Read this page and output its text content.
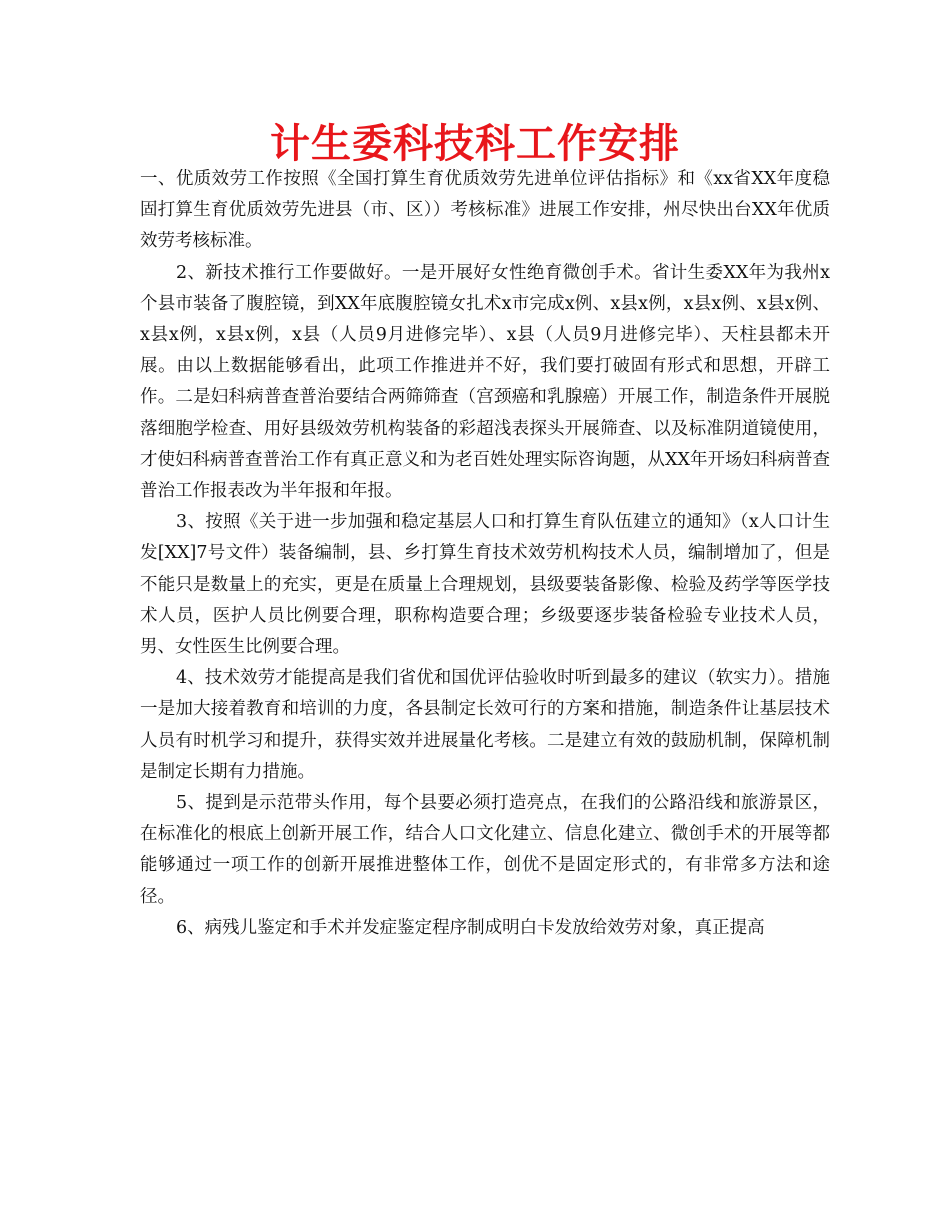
计生委科技科工作安排

一、优质效劳工作按照《全国打算生育优质效劳先进单位评估指标》和《xx省XX年度稳固打算生育优质效劳先进县（市、区））考核标准》进展工作安排，州尽快出台XX年优质效劳考核标准。

2、新技术推行工作要做好。一是开展好女性绝育微创手术。省计生委XX年为我州x个县市装备了腹腔镜，到XX年底腹腔镜女扎术x市完成x例、x县x例，x县x例、x县x例、x县x例，x县x例，x县（人员9月进修完毕）、x县（人员9月进修完毕）、天柱县都未开展。由以上数据能够看出，此项工作推进并不好，我们要打破固有形式和思想，开辟工作。二是妇科病普查普治要结合两筛筛查（宫颈癌和乳腺癌）开展工作，制造条件开展脱落细胞学检查、用好县级效劳机构装备的彩超浅表探头开展筛查、以及标准阴道镜使用，才使妇科病普查普治工作有真正意义和为老百姓处理实际咨询题，从XX年开场妇科病普查普治工作报表改为半年报和年报。

3、按照《关于进一步加强和稳定基层人口和打算生育队伍建立的通知》（x人口计生发[XX]7号文件）装备编制，县、乡打算生育技术效劳机构技术人员，编制增加了，但是不能只是数量上的充实，更是在质量上合理规划，县级要装备影像、检验及药学等医学技术人员，医护人员比例要合理，职称构造要合理；乡级要逐步装备检验专业技术人员，男、女性医生比例要合理。

4、技术效劳才能提高是我们省优和国优评估验收时听到最多的建议（软实力）。措施一是加大接着教育和培训的力度，各县制定长效可行的方案和措施，制造条件让基层技术人员有时机学习和提升，获得实效并进展量化考核。二是建立有效的鼓励机制，保障机制是制定长期有力措施。

5、提到是示范带头作用，每个县要必须打造亮点，在我们的公路沿线和旅游景区，在标准化的根底上创新开展工作，结合人口文化建立、信息化建立、微创手术的开展等都能够通过一项工作的创新开展推进整体工作，创优不是固定形式的，有非常多方法和途径。

6、病残儿鉴定和手术并发症鉴定程序制成明白卡发放给效劳对象，真正提高
